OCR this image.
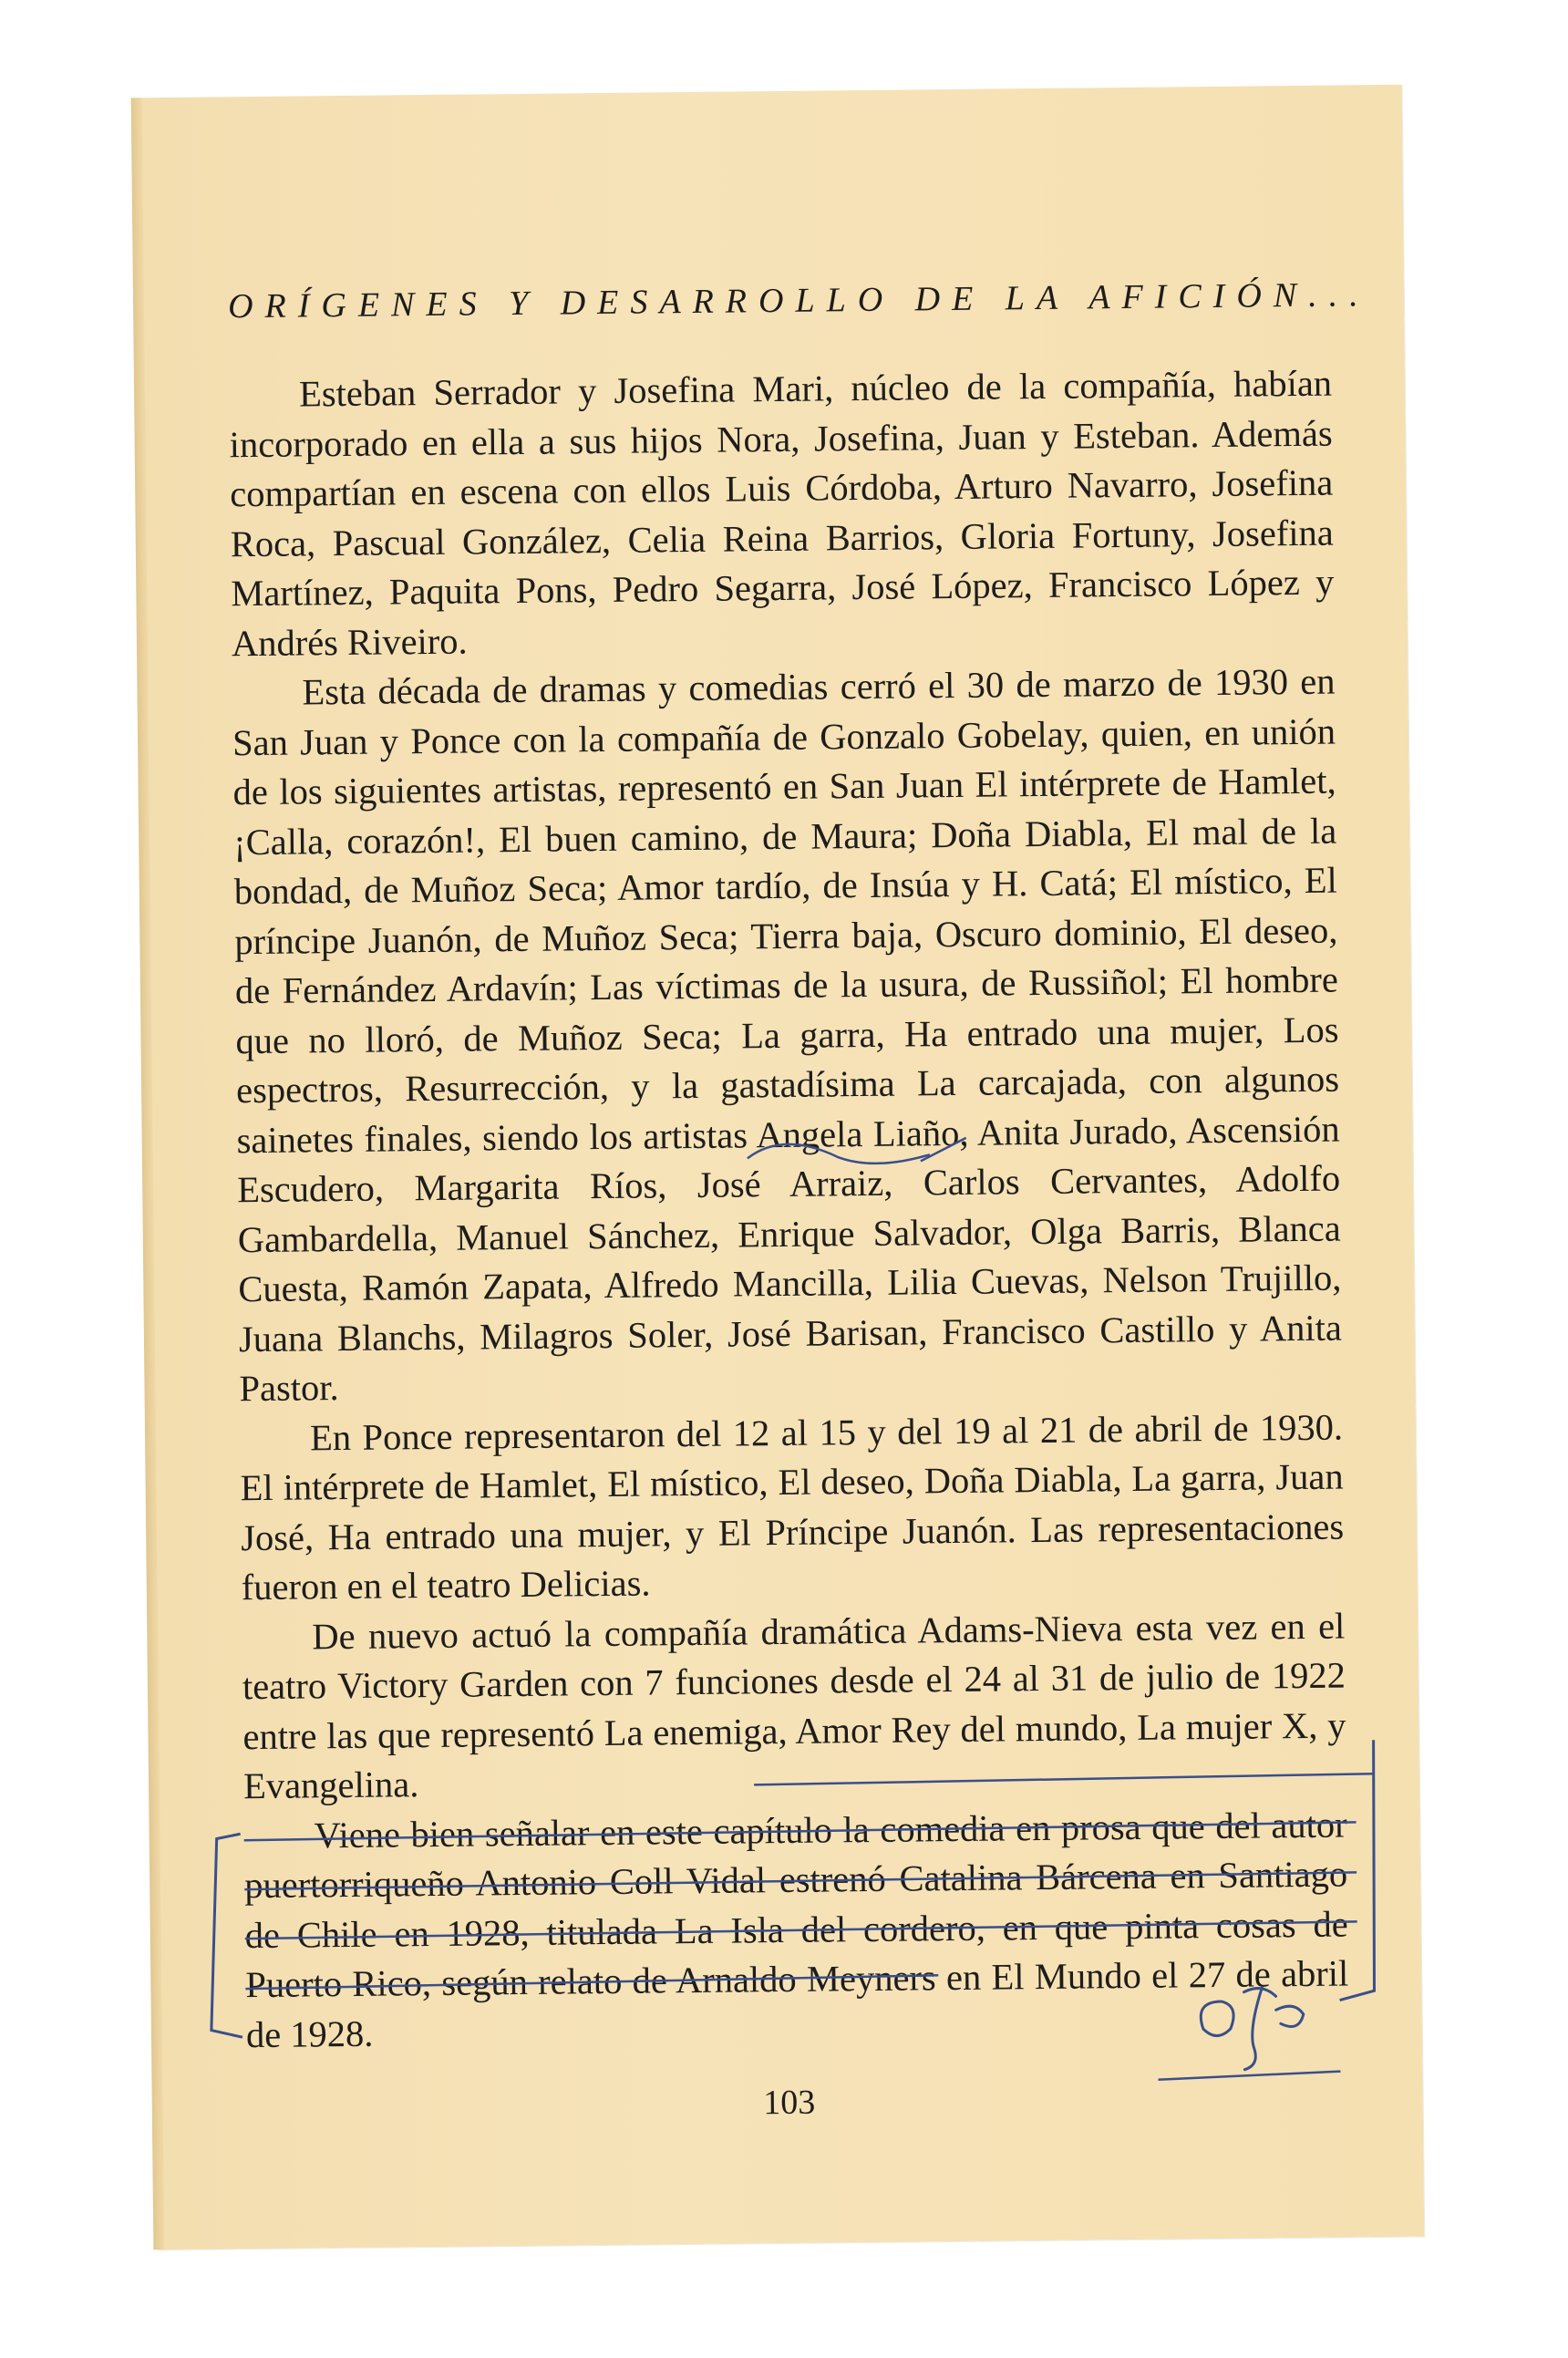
ORÍGENES Y DESARROLLO DE LA AFICIÓN...

Esteban Serrador y Josefina Mari, núcleo de la compañía, habían incorporado en ella a sus hijos Nora, Josefina, Juan y Esteban. Además compartían en escena con ellos Luis Córdoba, Arturo Navarro, Josefina Roca, Pascual González, Celia Reina Barrios, Gloria Fortuny, Josefina Martínez, Paquita Pons, Pedro Segarra, José López, Francisco López y Andrés Riveiro.

Esta década de dramas y comedias cerró el 30 de marzo de 1930 en San Juan y Ponce con la compañía de Gonzalo Gobelay, quien, en unión de los siguientes artistas, representó en San Juan El intérprete de Hamlet, ¡Calla, corazón!, El buen camino, de Maura; Doña Diabla, El mal de la bondad, de Muñoz Seca; Amor tardío, de Insúa y H. Catá; El místico, El príncipe Juanón, de Muñoz Seca; Tierra baja, Oscuro dominio, El deseo, de Fernández Ardavín; Las víctimas de la usura, de Russiñol; El hombre que no lloró, de Muñoz Seca; La garra, Ha entrado una mujer, Los espectros, Resurrección, y la gastadísima La carcajada, con algunos sainetes finales, siendo los artistas Angela Liaño, Anita Jurado, Ascensión Escudero, Margarita Ríos, José Arraiz, Carlos Cervantes, Adolfo Gambardella, Manuel Sánchez, Enrique Salvador, Olga Barris, Blanca Cuesta, Ramón Zapata, Alfredo Mancilla, Lilia Cuevas, Nelson Trujillo, Juana Blanchs, Milagros Soler, José Barisan, Francisco Castillo y Anita Pastor.

En Ponce representaron del 12 al 15 y del 19 al 21 de abril de 1930. El intérprete de Hamlet, El místico, El deseo, Doña Diabla, La garra, Juan José, Ha entrado una mujer, y El Príncipe Juanón. Las representaciones fueron en el teatro Delicias.

De nuevo actuó la compañía dramática Adams-Nieva esta vez en el teatro Victory Garden con 7 funciones desde el 24 al 31 de julio de 1922 entre las que representó La enemiga, Amor Rey del mundo, La mujer X, y Evangelina.

Viene bien señalar en este capítulo la comedia en prosa que del autor puertorriqueño Antonio Coll Vidal estrenó Catalina Bárcena en Santiago de Chile en 1928, titulada La Isla del cordero, en que pinta cosas de Puerto Rico, según relato de Arnaldo Meyners en El Mundo el 27 de abril de 1928.

103
